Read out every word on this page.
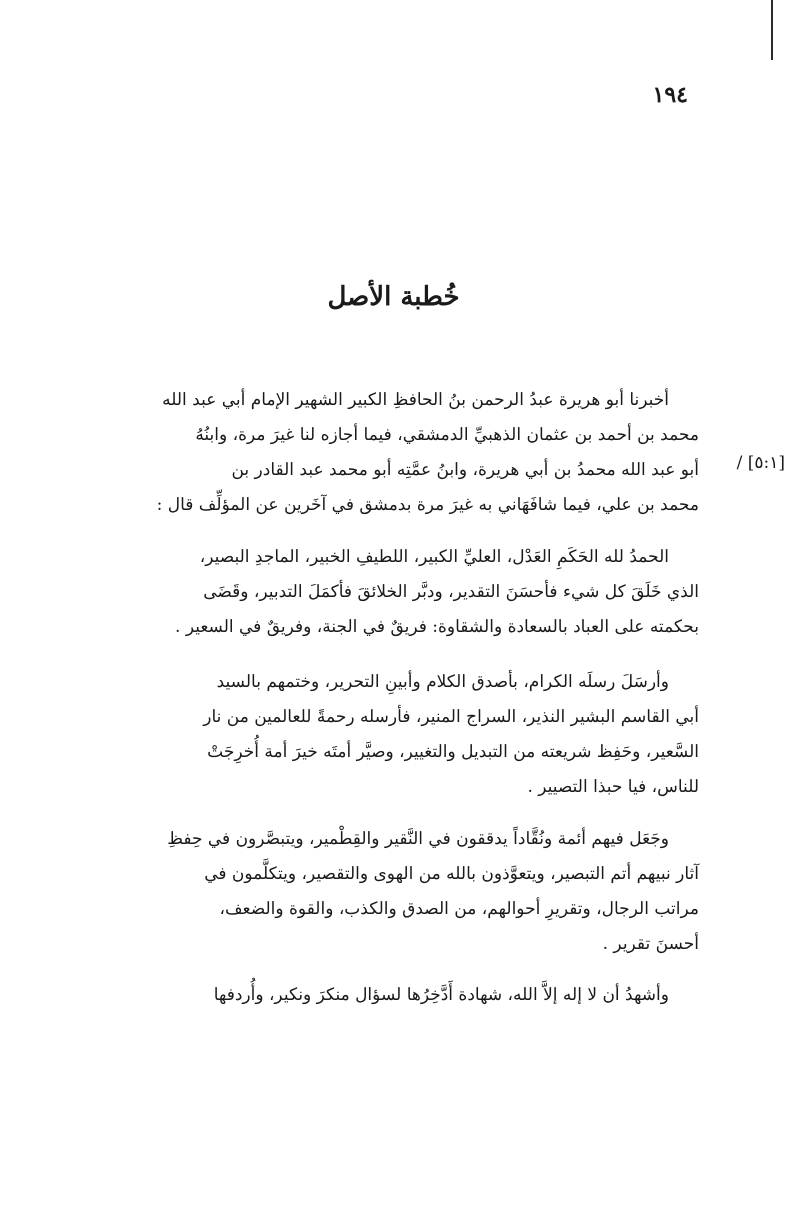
١٩٤
خُطبة الأصل
[٥:١] /

أخبرنا أبو هريرة عبدُ الرحمن بنُ الحافظِ الكبير الشهير الإمام أبي عبد الله

محمد بن أحمد بن عثمان الذهبيِّ الدمشقي، فيما أجازه لنا غيرَ مرة، وابنُهُ

أبو عبد الله محمدُ بن أبي هريرة، وابنُ عمَّتِه أبو محمد عبد القادر بن

محمد بن علي، فيما شافَهَاني به غيرَ مرة بدمشق في آخَرين عن المؤلِّف قال :

الحمدُ لله الحَكَمِ العَدْل، العليِّ الكبير، اللطيفِ الخبير، الماجدِ البصير،

الذي خَلَقَ كل شيء فأحسَنَ التقدير، ودبَّر الخلائقَ فأكمَلَ التدبير، وقَضَى

بحكمته على العباد بالسعادة والشقاوة: فريقٌ في الجنة، وفريقٌ في السعير .

وأرسَلَ رسلَه الكرام، بأصدق الكلام وأبينِ التحرير، وختمهم بالسيد

أبي القاسم البشير النذير، السراج المنير، فأرسله رحمةً للعالمين من نار

السَّعير، وحَفِظ شريعته من التبديل والتغيير، وصيَّر أمتَه خيرَ أمة أُخرِجَتْ

للناس، فيا حبذا التصيير .

وجَعَل فيهم أئمة ونُقَّاداً يدققون في النَّقير والقِطْمير، ويتبصَّرون في حِفظِ

آثار نبيهم أتم التبصير، ويتعوَّذون بالله من الهوى والتقصير، ويتكلَّمون في

مراتب الرجال، وتقريرِ أحوالهم، من الصدق والكذب، والقوة والضعف،

أحسنَ تقرير .

وأشهدُ أن لا إله إلاَّ الله، شهادة أَدَّخِرُها لسؤال منكرَ ونكير، وأُردفها
